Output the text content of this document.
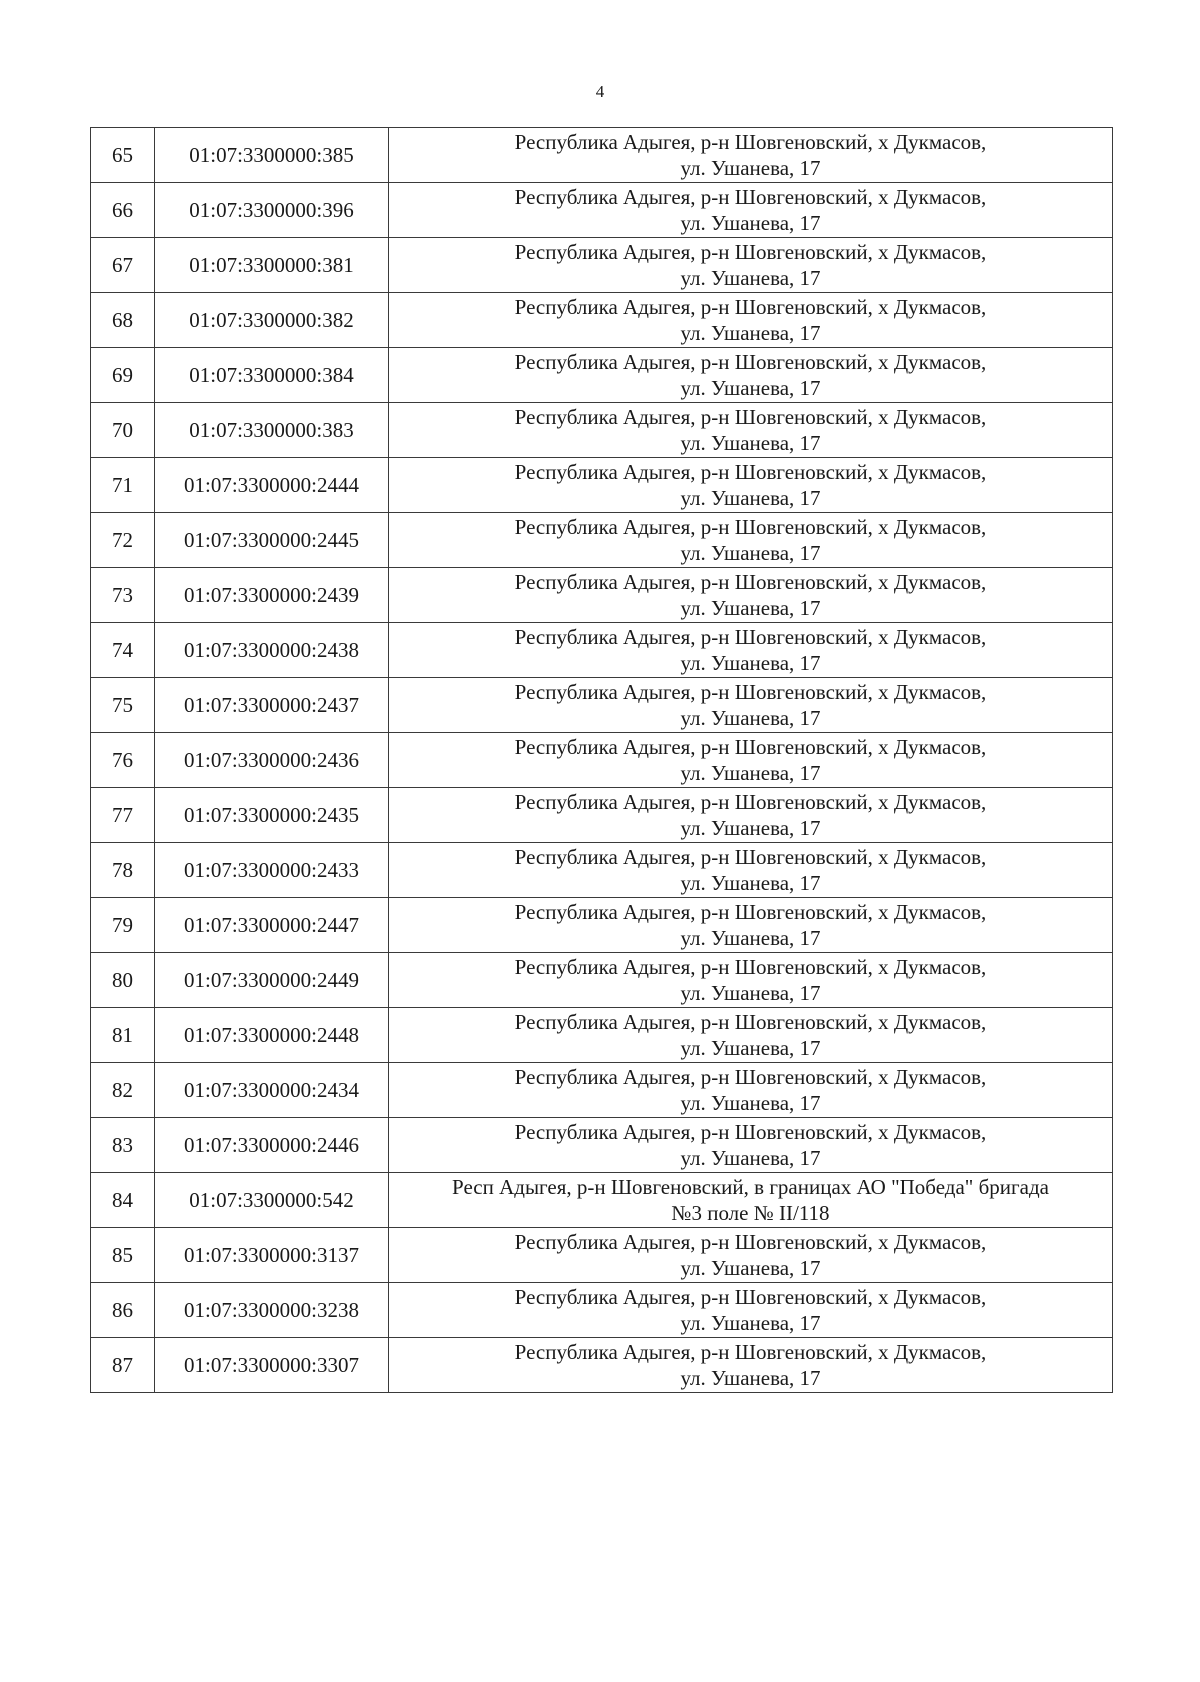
4
65	01:07:3300000:385	Республика Адыгея, р-н Шовгеновский, х Дукмасов,
ул. Ушанева, 17

66	01:07:3300000:396	Республика Адыгея, р-н Шовгеновский, х Дукмасов,
ул. Ушанева, 17

67	01:07:3300000:381	Республика Адыгея, р-н Шовгеновский, х Дукмасов,
ул. Ушанева, 17

68	01:07:3300000:382	Республика Адыгея, р-н Шовгеновский, х Дукмасов,
ул. Ушанева, 17

69	01:07:3300000:384	Республика Адыгея, р-н Шовгеновский, х Дукмасов,
ул. Ушанева, 17

70	01:07:3300000:383	Республика Адыгея, р-н Шовгеновский, х Дукмасов,
ул. Ушанева, 17

71	01:07:3300000:2444	Республика Адыгея, р-н Шовгеновский, х Дукмасов,
ул. Ушанева, 17

72	01:07:3300000:2445	Республика Адыгея, р-н Шовгеновский, х Дукмасов,
ул. Ушанева, 17

73	01:07:3300000:2439	Республика Адыгея, р-н Шовгеновский, х Дукмасов,
ул. Ушанева, 17

74	01:07:3300000:2438	Республика Адыгея, р-н Шовгеновский, х Дукмасов,
ул. Ушанева, 17

75	01:07:3300000:2437	Республика Адыгея, р-н Шовгеновский, х Дукмасов,
ул. Ушанева, 17

76	01:07:3300000:2436	Республика Адыгея, р-н Шовгеновский, х Дукмасов,
ул. Ушанева, 17

77	01:07:3300000:2435	Республика Адыгея, р-н Шовгеновский, х Дукмасов,
ул. Ушанева, 17

78	01:07:3300000:2433	Республика Адыгея, р-н Шовгеновский, х Дукмасов,
ул. Ушанева, 17

79	01:07:3300000:2447	Республика Адыгея, р-н Шовгеновский, х Дукмасов,
ул. Ушанева, 17

80	01:07:3300000:2449	Республика Адыгея, р-н Шовгеновский, х Дукмасов,
ул. Ушанева, 17

81	01:07:3300000:2448	Республика Адыгея, р-н Шовгеновский, х Дукмасов,
ул. Ушанева, 17

82	01:07:3300000:2434	Республика Адыгея, р-н Шовгеновский, х Дукмасов,
ул. Ушанева, 17

83	01:07:3300000:2446	Республика Адыгея, р-н Шовгеновский, х Дукмасов,
ул. Ушанева, 17

84	01:07:3300000:542	Респ Адыгея, р-н Шовгеновский, в границах АО "Победа" бригада
№3 поле № II/118

85	01:07:3300000:3137	Республика Адыгея, р-н Шовгеновский, х Дукмасов,
ул. Ушанева, 17

86	01:07:3300000:3238	Республика Адыгея, р-н Шовгеновский, х Дукмасов,
ул. Ушанева, 17

87	01:07:3300000:3307	Республика Адыгея, р-н Шовгеновский, х Дукмасов,
ул. Ушанева, 17
